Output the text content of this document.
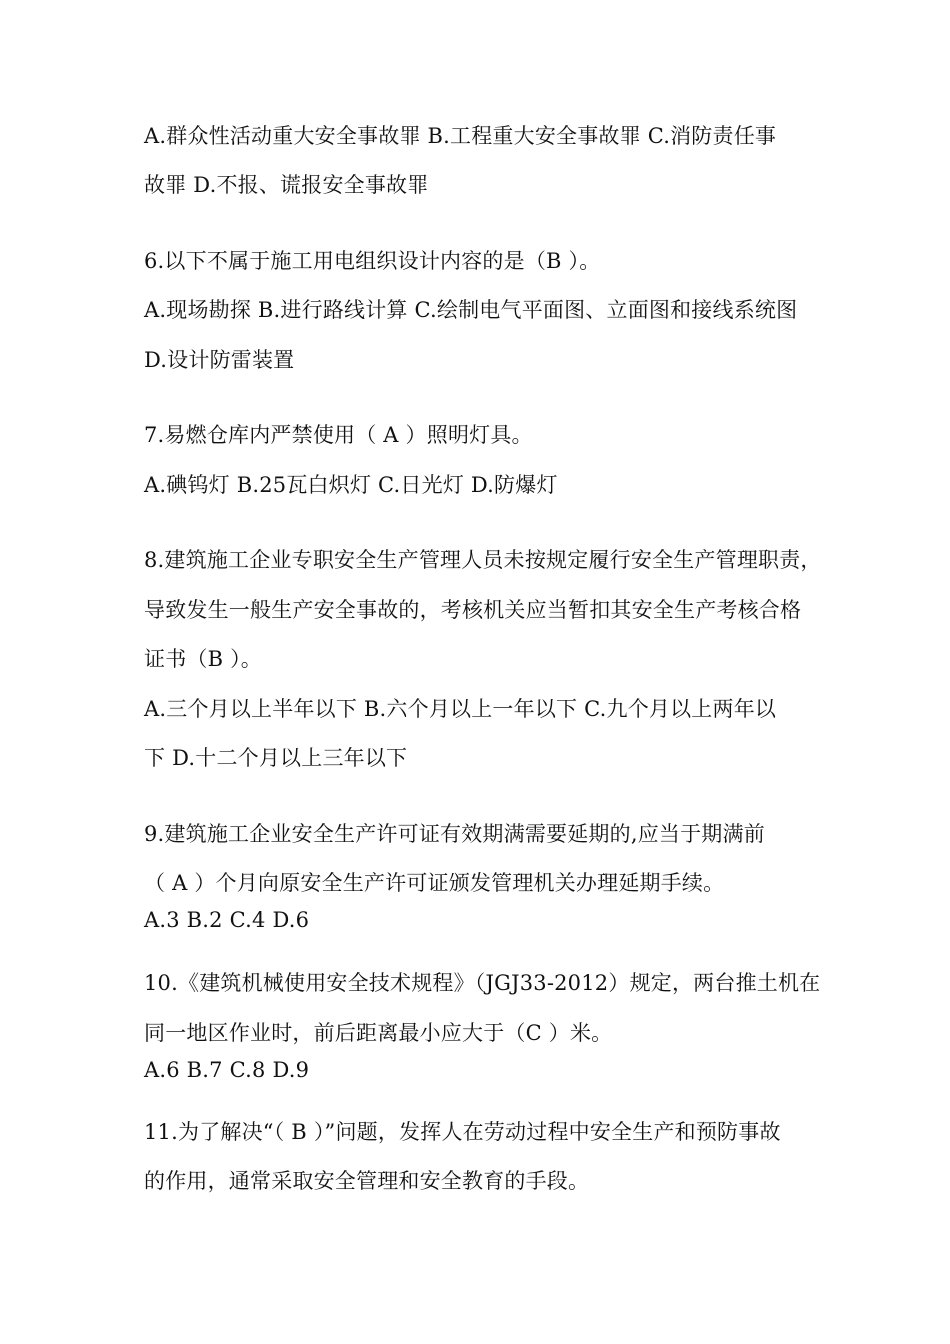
A.群众性活动重大安全事故罪 B.工程重大安全事故罪 C.消防责任事
故罪 D.不报、谎报安全事故罪
6.以下不属于施工用电组织设计内容的是（B ）。
A.现场勘探 B.进行路线计算 C.绘制电气平面图、立面图和接线系统图
D.设计防雷装置
7.易燃仓库内严禁使用（ A ）照明灯具。
A.碘钨灯 B.25瓦白炽灯 C.日光灯 D.防爆灯
8.建筑施工企业专职安全生产管理人员未按规定履行安全生产管理职责，
导致发生一般生产安全事故的，考核机关应当暂扣其安全生产考核合格
证书（B ）。
A.三个月以上半年以下 B.六个月以上一年以下 C.九个月以上两年以
下 D.十二个月以上三年以下
9.建筑施工企业安全生产许可证有效期满需要延期的,应当于期满前
（ A ）个月向原安全生产许可证颁发管理机关办理延期手续。
A.3 B.2 C.4 D.6
10.《建筑机械使用安全技术规程》（JGJ33-2012）规定，两台推土机在
同一地区作业时，前后距离最小应大于（C ）米。
A.6 B.7 C.8 D.9
11.为了解决“（ B ）”问题，发挥人在劳动过程中安全生产和预防事故
的作用，通常采取安全管理和安全教育的手段。
